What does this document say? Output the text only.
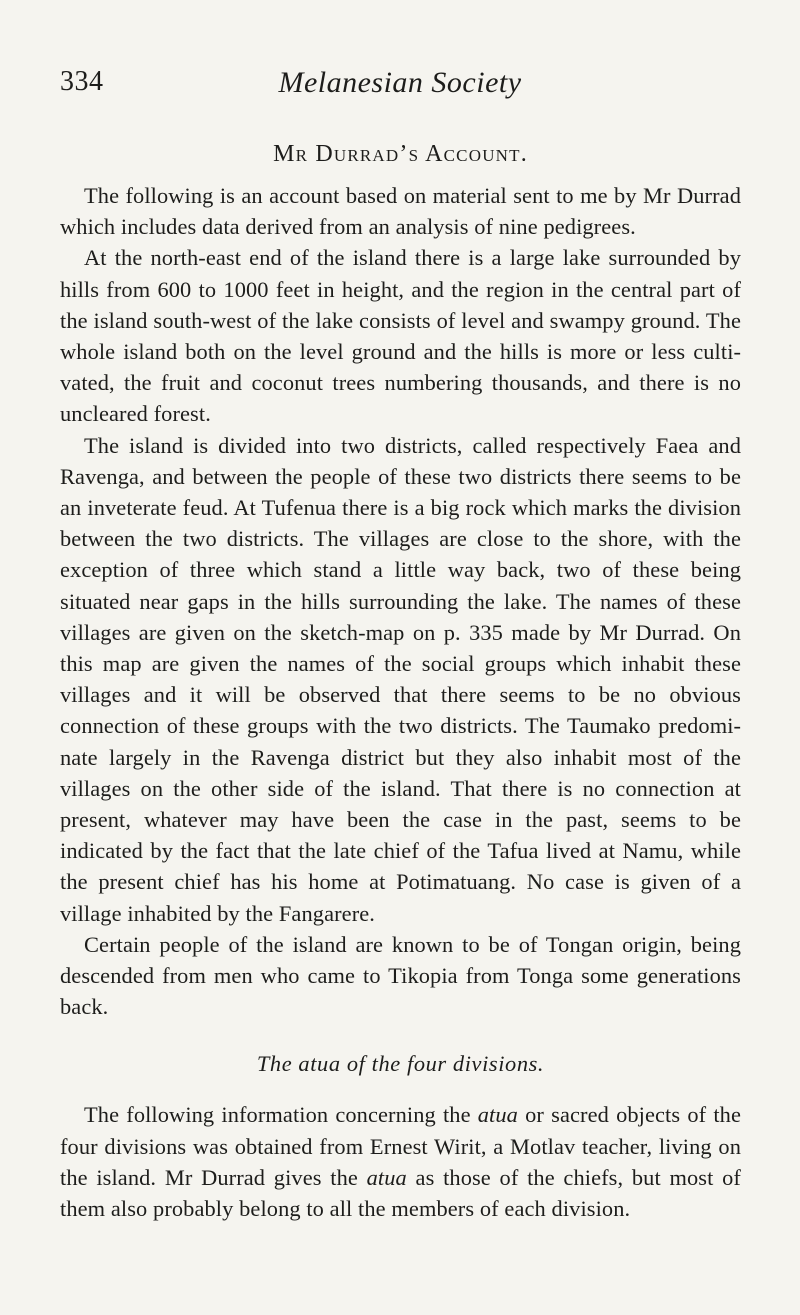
334	Melanesian Society
Mr Durrad’s Account.

The following is an account based on material sent to me by Mr Durrad which includes data derived from an analysis of nine pedigrees.

At the north-east end of the island there is a large lake surrounded by hills from 600 to 1000 feet in height, and the region in the central part of the island south-west of the lake consists of level and swampy ground. The whole island both on the level ground and the hills is more or less cultivated, the fruit and coconut trees numbering thousands, and there is no uncleared forest.

The island is divided into two districts, called respectively Faea and Ravenga, and between the people of these two districts there seems to be an inveterate feud. At Tufenua there is a big rock which marks the division between the two districts. The villages are close to the shore, with the exception of three which stand a little way back, two of these being situated near gaps in the hills surrounding the lake. The names of these villages are given on the sketch-map on p. 335 made by Mr Durrad. On this map are given the names of the social groups which inhabit these villages and it will be observed that there seems to be no obvious connection of these groups with the two districts. The Taumako predominate largely in the Ravenga district but they also inhabit most of the villages on the other side of the island. That there is no connection at present, whatever may have been the case in the past, seems to be indicated by the fact that the late chief of the Tafua lived at Namu, while the present chief has his home at Potimatuang. No case is given of a village inhabited by the Fangarere.

Certain people of the island are known to be of Tongan origin, being descended from men who came to Tikopia from Tonga some generations back.

The atua of the four divisions.

The following information concerning the atua or sacred objects of the four divisions was obtained from Ernest Wirit, a Motlav teacher, living on the island. Mr Durrad gives the atua as those of the chiefs, but most of them also probably belong to all the members of each division.
